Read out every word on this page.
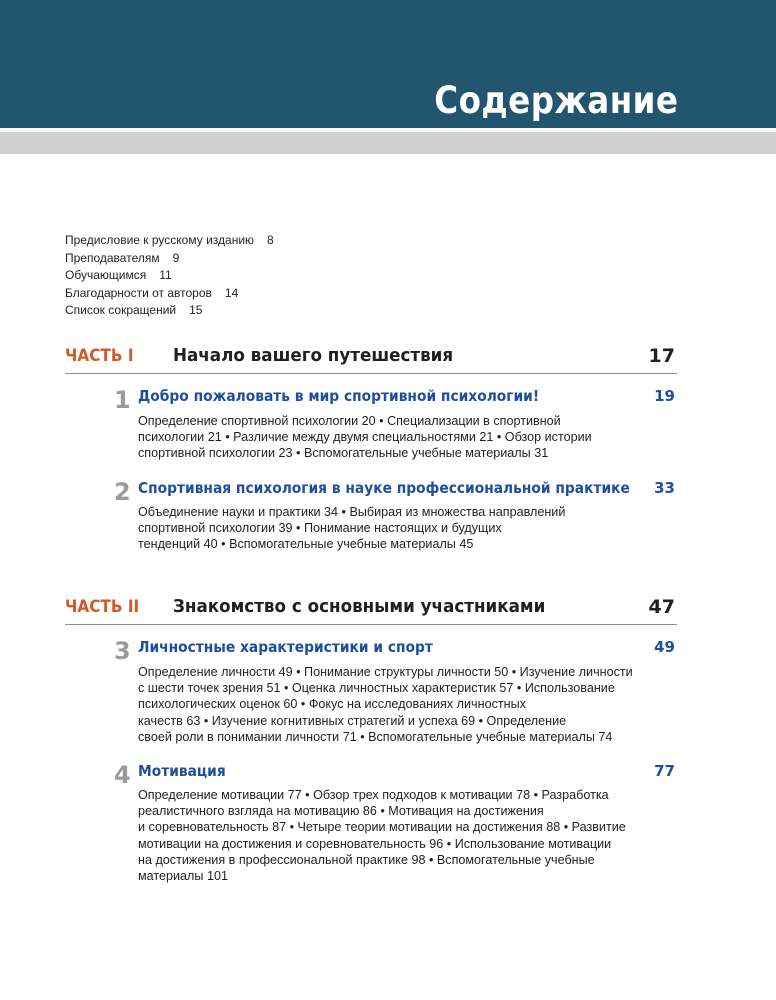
Содержание
Предисловие к русскому изданию 8
Преподавателям 9
Обучающимся 11
Благодарности от авторов 14
Список сокращений 15
ЧАСТЬ I Начало вашего путешествия	17
1 Добро пожаловать в мир спортивной психологии!	19
Определение спортивной психологии 20 • Специализации в спортивной
психологии 21 • Различие между двумя специальностями 21 • Обзор истории
спортивной психологии 23 • Вспомогательные учебные материалы 31
2 Спортивная психология в науке профессиональной практике 33
Объединение науки и практики 34 • Выбирая из множества направлений
спортивной психологии 39 • Понимание настоящих и будущих
тенденций 40 • Вспомогательные учебные материалы 45
ЧАСТЬ II Знакомство с основными участниками	47
3 Личностные характеристики и спорт	49
Определение личности 49 • Понимание структуры личности 50 • Изучение личности
с шести точек зрения 51 • Оценка личностных характеристик 57 • Использование
психологических оценок 60 • Фокус на исследованиях личностных
качеств 63 • Изучение когнитивных стратегий и успеха 69 • Определение
своей роли в понимании личности 71 • Вспомогательные учебные материалы 74
4 Мотивация	77
Определение мотивации 77 • Обзор трех подходов к мотивации 78 • Разработка
реалистичного взгляда на мотивацию 86 • Мотивация на достижения
и соревновательность 87 • Четыре теории мотивации на достижения 88 • Развитие
мотивации на достижения и соревновательность 96 • Использование мотивации
на достижения в профессиональной практике 98 • Вспомогательные учебные
материалы 101
